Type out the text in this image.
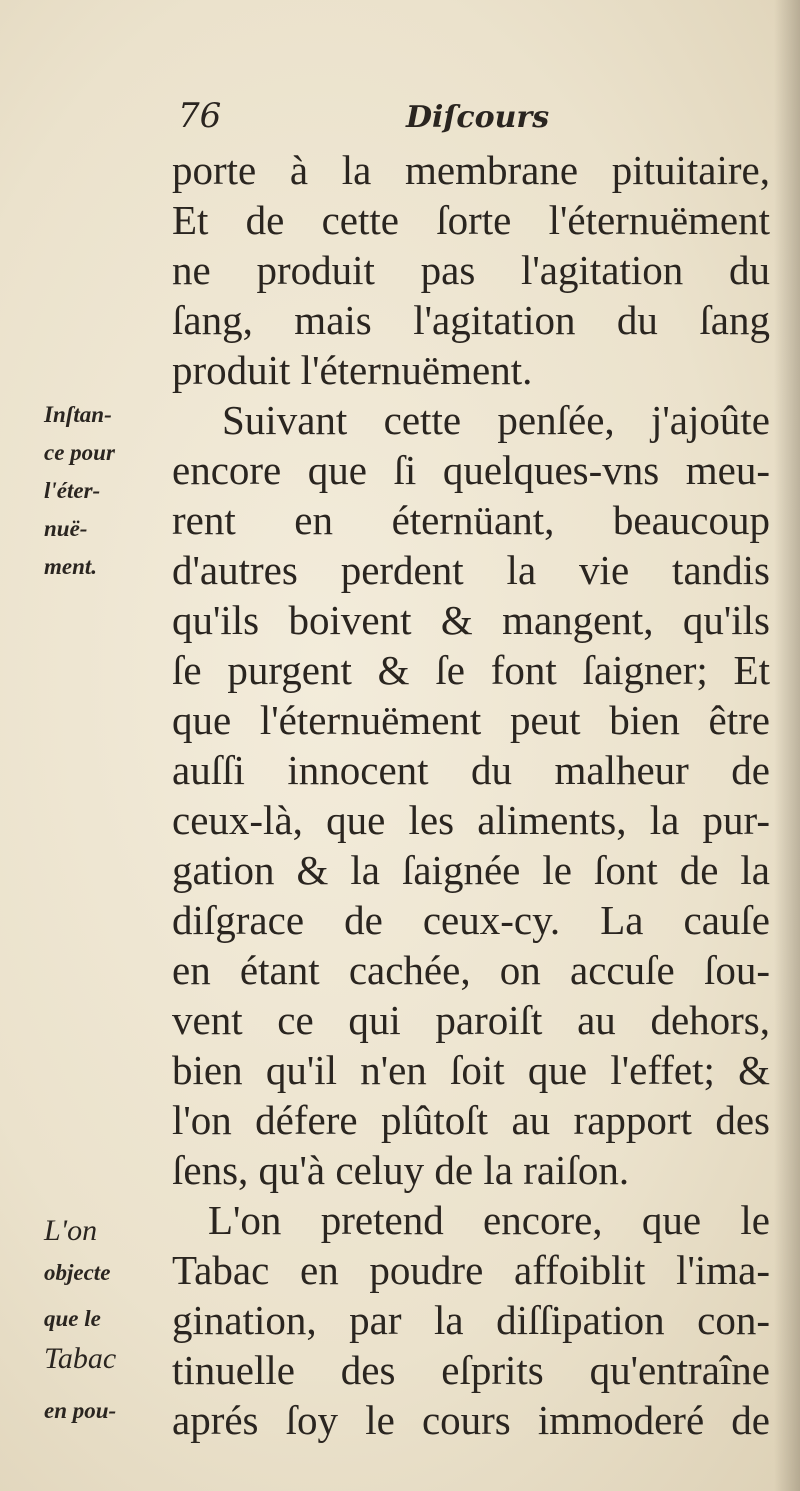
76	Diſcours

porte à la membrane pituitaire,

Et de cette ſorte l'éternuëment

ne produit pas l'agitation du

ſang, mais l'agitation du ſang

produit l'éternuëment.

Suivant cette penſée, j'ajoûte

encore que ſi quelques-vns meu-

rent en éternüant, beaucoup

d'autres perdent la vie tandis

qu'ils boivent & mangent, qu'ils

ſe purgent & ſe font ſaigner; Et

que l'éternuëment peut bien être

auſſi innocent du malheur de

ceux-là, que les aliments, la pur-

gation & la ſaignée le ſont de la

diſgrace de ceux-cy. La cauſe

en étant cachée, on accuſe ſou-

vent ce qui paroiſt au dehors,

bien qu'il n'en ſoit que l'effet; &

l'on défere plûtoſt au rapport des

ſens, qu'à celuy de la raiſon.

L'on pretend encore, que le

Tabac en poudre affoiblit l'ima-

gination, par la diſſipation con-

tinuelle des eſprits qu'entraîne

aprés ſoy le cours immoderé de

Inſtan-

ce pour

l'éter-

nuë-

ment.

L'on

objecte

que le

Tabac

en pou-
